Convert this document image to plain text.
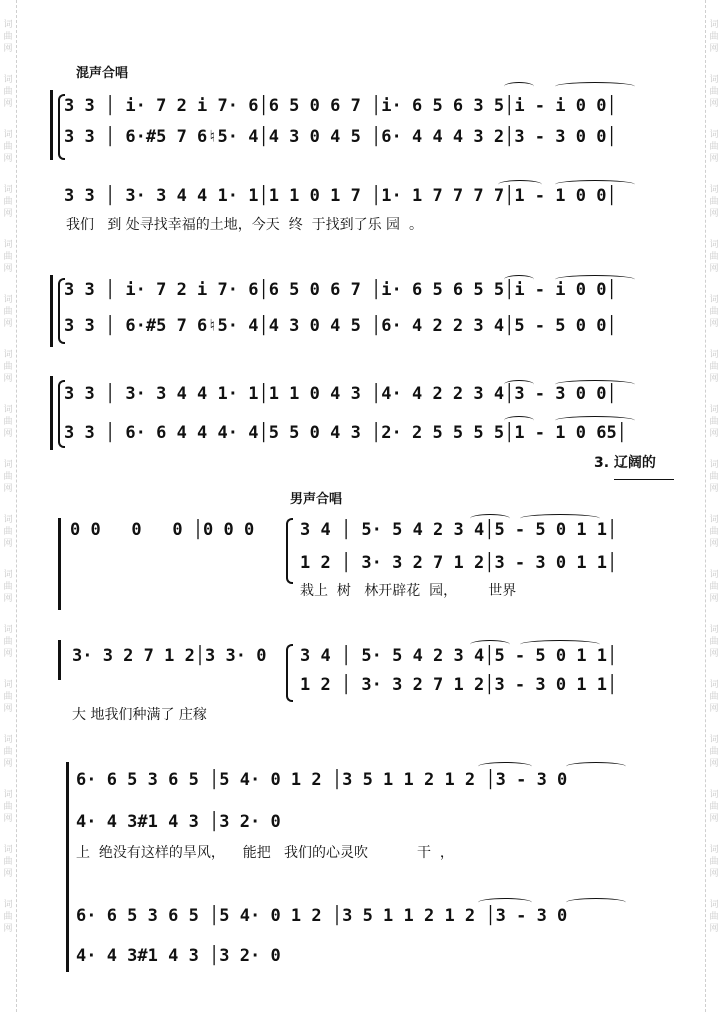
词
曲
网
词
曲
网
词
曲
网
词
曲
网
词
曲
网
词
曲
网
词
曲
网
词
曲
网
词
曲
网
词
曲
网
词
曲
网
词
曲
网
词
曲
网
词
曲
网
词
曲
网
词
曲
网
词
曲
网
词
曲
网
词
曲
网
词
曲
网
词
曲
网
词
曲
网
词
曲
网
词
曲
网
词
曲
网
词
曲
网
词
曲
网
词
曲
网
词
曲
网
词
曲
网
词
曲
网
词
曲
网
词
曲
网
词
曲
网
混声合唱
3 3 │ i· 7 2 i 7· 6│6 5 0 6 7 │i· 6 5 6 3 5│i - i 0 0│
3 3 │ 6·#5 7 6♮5· 4│4 3 0 4 5 │6· 4 4 4 3 2│3 - 3 0 0│
3 3 │ 3· 3 4 4 1· 1│1 1 0 1 7 │1· 1 7 7 7 7│1 - 1 0 0│
我们   到 处寻找幸福的土地，今天  终  于找到了乐 园  。
3 3 │ i· 7 2 i 7· 6│6 5 0 6 7 │i· 6 5 6 5 5│i - i 0 0│
3 3 │ 6·#5 7 6♮5· 4│4 3 0 4 5 │6· 4 2 2 3 4│5 - 5 0 0│
3 3 │ 3· 3 4 4 1· 1│1 1 0 4 3 │4· 4 2 2 3 4│3 - 3 0 0│
3 3 │ 6· 6 4 4 4· 4│5 5 0 4 3 │2· 2 5 5 5 5│1 - 1 0 65│
3. 辽阔的
男声合唱
0 0   0   0 │0 0 0	3 4 │ 5· 5 4 2 3 4│5 - 5 0 1 1│
1 2 │ 3· 3 2 7 1 2│3 - 3 0 1 1│
栽上  树   林开辟花  园，       世界
3· 3 2 7 1 2│3 3· 0 3 4 │ 5· 5 4 2 3 4│5 - 5 0 1 1│
1 2 │ 3· 3 2 7 1 2│3 - 3 0 1 1│
大 地我们种满了 庄稼
6· 6 5 3 6 5 │5 4· 0 1 2 │3 5 1 1 2 1 2 │3 - 3 0
4· 4 3#1 4 3 │3 2· 0
上  绝没有这样的旱风，    能把   我们的心灵吹           干  ，
6· 6 5 3 6 5 │5 4· 0 1 2 │3 5 1 1 2 1 2 │3 - 3 0
4· 4 3#1 4 3 │3 2· 0
